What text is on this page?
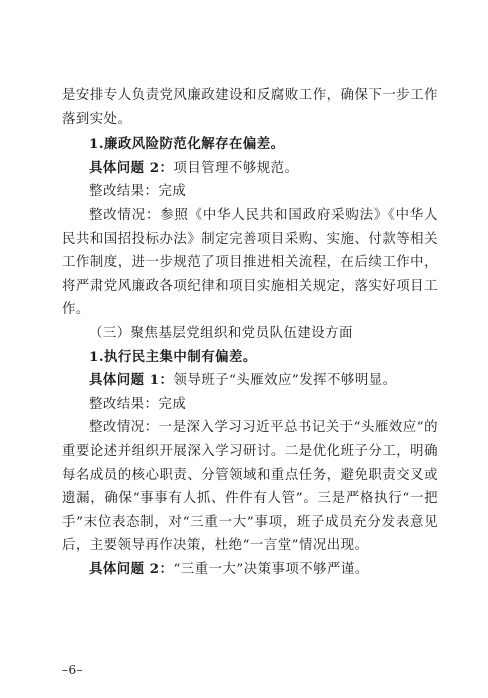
是安排专人负责党风廉政建设和反腐败工作，确保下一步工作落到实处。

1.廉政风险防范化解存在偏差。

具体问题 2：项目管理不够规范。

整改结果：完成

整改情况：参照《中华人民共和国政府采购法》《中华人民共和国招投标办法》制定完善项目采购、实施、付款等相关工作制度，进一步规范了项目推进相关流程，在后续工作中，将严肃党风廉政各项纪律和项目实施相关规定，落实好项目工作。

（三）聚焦基层党组织和党员队伍建设方面

1.执行民主集中制有偏差。

具体问题 1：领导班子“头雁效应”发挥不够明显。

整改结果：完成

整改情况：一是深入学习习近平总书记关于“头雁效应”的重要论述并组织开展深入学习研讨。二是优化班子分工，明确每名成员的核心职责、分管领域和重点任务，避免职责交叉或遗漏，确保“事事有人抓、件件有人管”。三是严格执行“一把手”末位表态制，对“三重一大”事项，班子成员充分发表意见后，主要领导再作决策，杜绝“一言堂”情况出现。

具体问题 2：“三重一大”决策事项不够严谨。

–6–
